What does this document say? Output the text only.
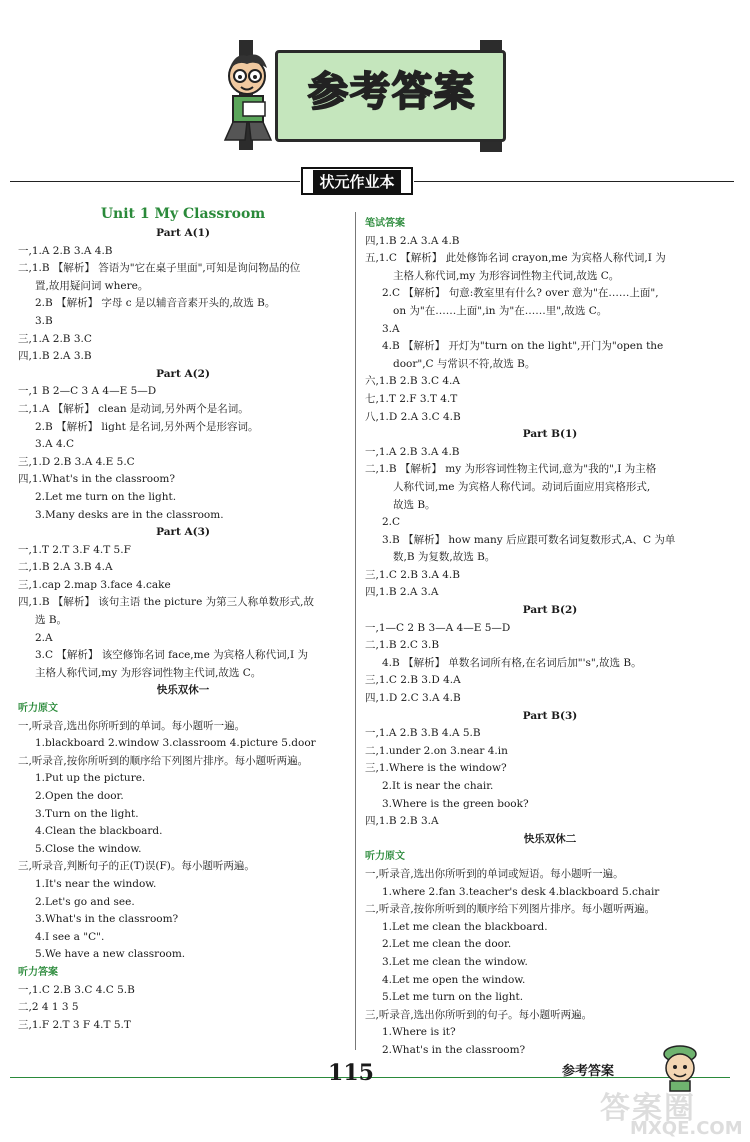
参考答案
状元作业本
Unit 1 My Classroom
Part A(1)
一,1.A 2.B 3.A 4.B
二,1.B 【解析】 答语为"它在桌子里面",可知是询问物品的位
置,故用疑问词 where。
2.B 【解析】 字母 c 是以辅音音素开头的,故选 B。
3.B
三,1.A 2.B 3.C
四,1.B 2.A 3.B
Part A(2)
一,1 B 2—C 3 A 4—E 5—D
二,1.A 【解析】 clean 是动词,另外两个是名词。
2.B 【解析】 light 是名词,另外两个是形容词。
3.A 4.C
三,1.D 2.B 3.A 4.E 5.C
四,1.What's in the classroom?
2.Let me turn on the light.
3.Many desks are in the classroom.
Part A(3)
一,1.T 2.T 3.F 4.T 5.F
二,1.B 2.A 3.B 4.A
三,1.cap 2.map 3.face 4.cake
四,1.B 【解析】 该句主语 the picture 为第三人称单数形式,故
选 B。
2.A
3.C 【解析】 该空修饰名词 face,me 为宾格人称代词,I 为
主格人称代词,my 为形容词性物主代词,故选 C。
快乐双休一
听力原文
一,听录音,选出你所听到的单词。每小题听一遍。
1.blackboard 2.window 3.classroom 4.picture 5.door
二,听录音,按你所听到的顺序给下列图片排序。每小题听两遍。
1.Put up the picture.
2.Open the door.
3.Turn on the light.
4.Clean the blackboard.
5.Close the window.
三,听录音,判断句子的正(T)误(F)。每小题听两遍。
1.It's near the window.
2.Let's go and see.
3.What's in the classroom?
4.I see a "C".
5.We have a new classroom.
听力答案
一,1.C 2.B 3.C 4.C 5.B
二,2 4 1 3 5
三,1.F 2.T 3 F 4.T 5.T
笔试答案
四,1.B 2.A 3.A 4.B
五,1.C 【解析】 此处修饰名词 crayon,me 为宾格人称代词,I 为
主格人称代词,my 为形容词性物主代词,故选 C。
2.C 【解析】 句意:教室里有什么? over 意为"在……上面",
on 为"在……上面",in 为"在……里",故选 C。
3.A
4.B 【解析】 开灯为"turn on the light",开门为"open the
door",C 与常识不符,故选 B。
六,1.B 2.B 3.C 4.A
七,1.T 2.F 3.T 4.T
八,1.D 2.A 3.C 4.B
Part B(1)
一,1.A 2.B 3.A 4.B
二,1.B 【解析】 my 为形容词性物主代词,意为"我的",I 为主格
人称代词,me 为宾格人称代词。动词后面应用宾格形式,
故选 B。
2.C
3.B 【解析】 how many 后应跟可数名词复数形式,A、C 为单
数,B 为复数,故选 B。
三,1.C 2.B 3.A 4.B
四,1.B 2.A 3.A
Part B(2)
一,1—C 2 B 3—A 4—E 5—D
二,1.B 2.C 3.B
4.B 【解析】 单数名词所有格,在名词后加"'s",故选 B。
三,1.C 2.B 3.D 4.A
四,1.D 2.C 3.A 4.B
Part B(3)
一,1.A 2.B 3.B 4.A 5.B
二,1.under 2.on 3.near 4.in
三,1.Where is the window?
2.It is near the chair.
3.Where is the green book?
四,1.B 2.B 3.A
快乐双休二
听力原文
一,听录音,选出你所听到的单词或短语。每小题听一遍。
1.where 2.fan 3.teacher's desk 4.blackboard 5.chair
二,听录音,按你所听到的顺序给下列图片排序。每小题听两遍。
1.Let me clean the blackboard.
2.Let me clean the door.
3.Let me clean the window.
4.Let me open the window.
5.Let me turn on the light.
三,听录音,选出你所听到的句子。每小题听两遍。
1.Where is it?
2.What's in the classroom?
115	参考答案
答案圈
MXQE.COM
